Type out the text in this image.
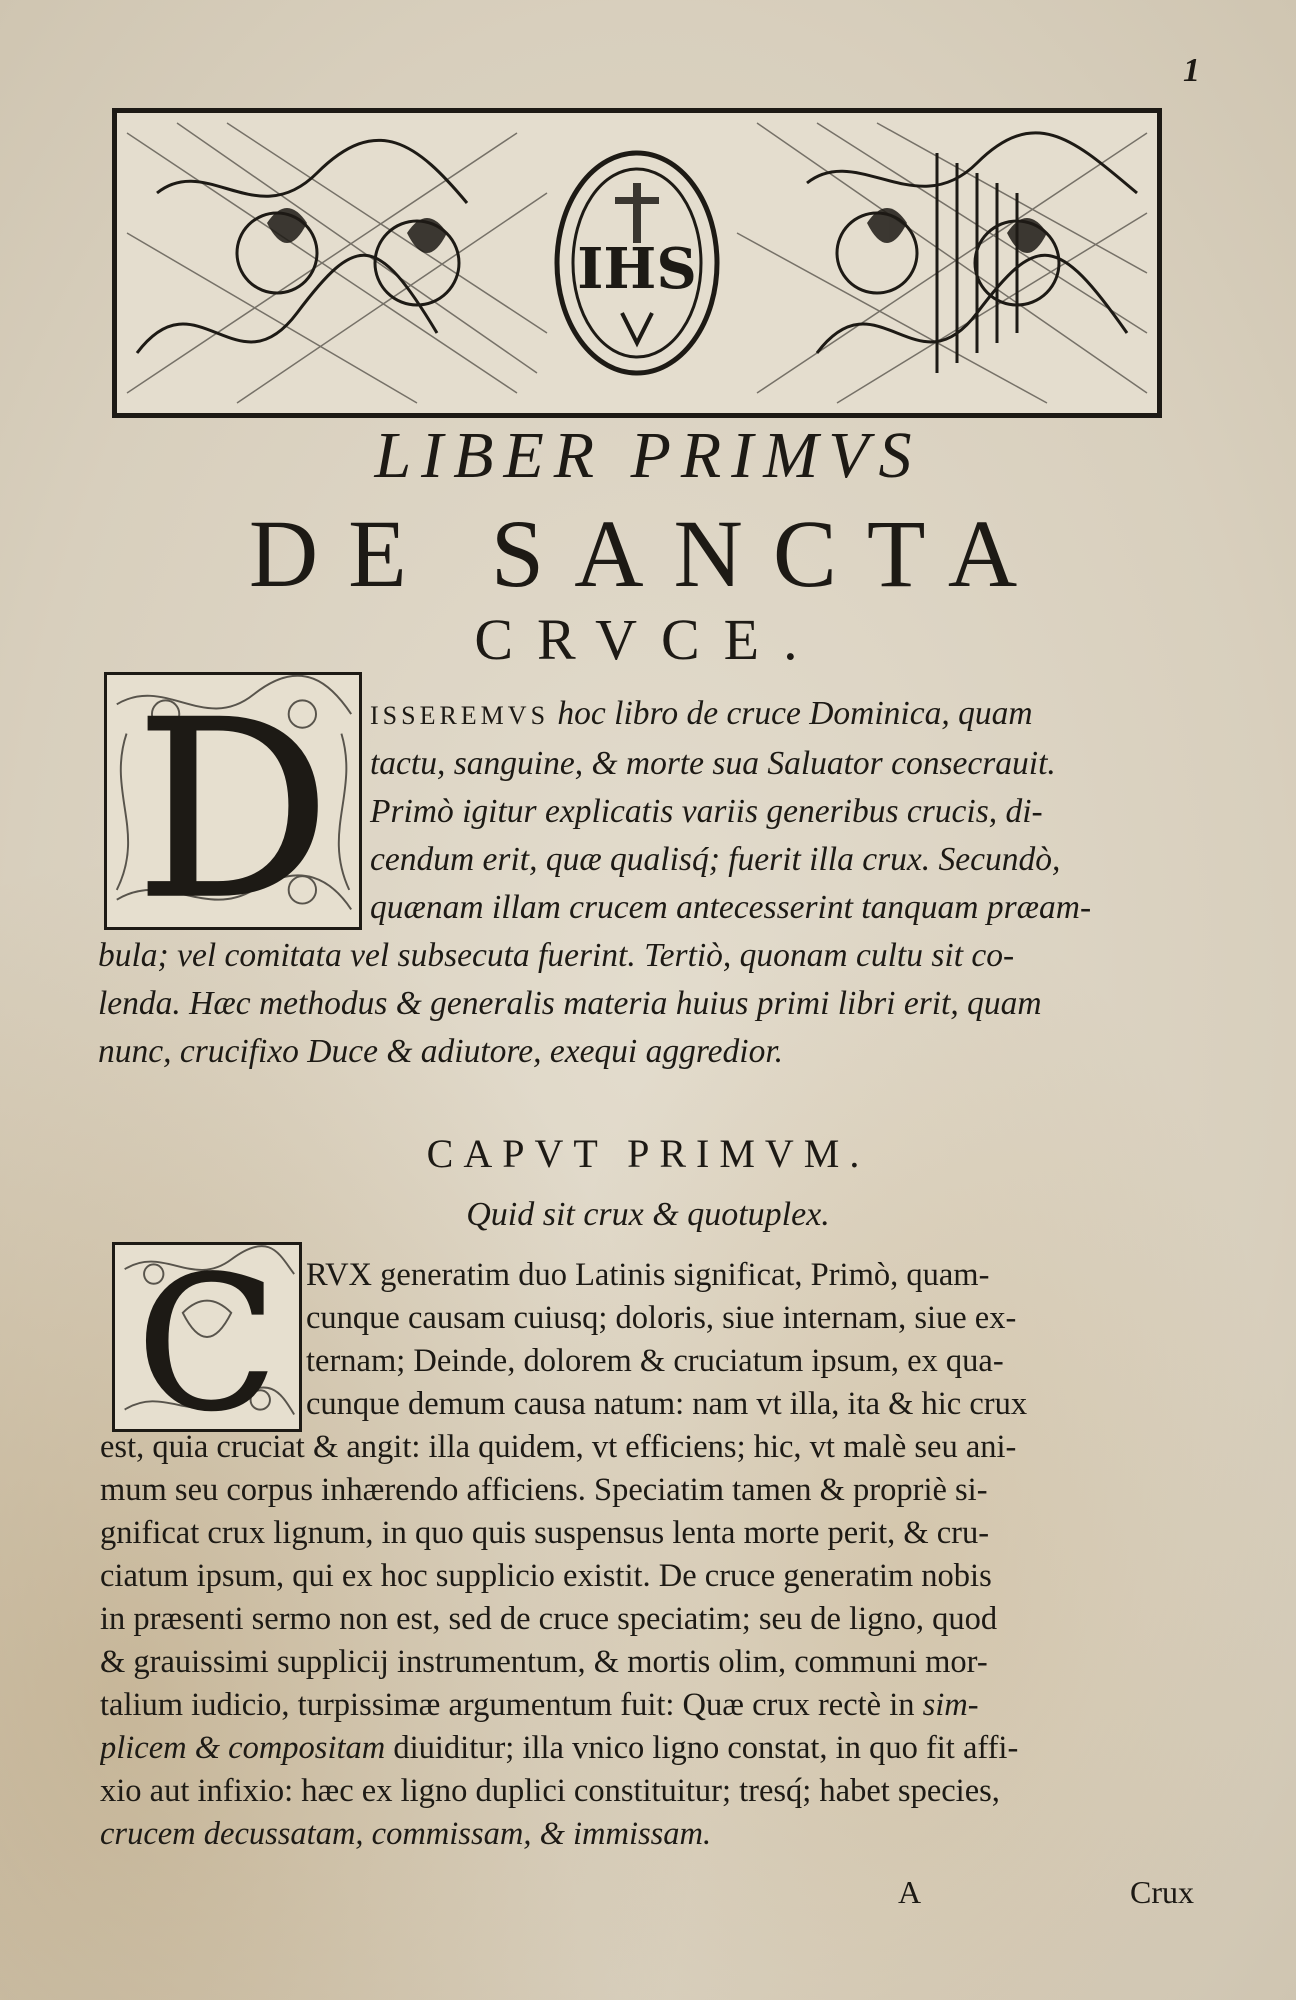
1
IHS
LIBER PRIMVS
DE SANCTA
CRVCE.
D	ISSEREMVS hoc libro de cruce Dominica, quam
tactu, sanguine, & morte sua Saluator consecrauit.
Primò igitur explicatis variis generibus crucis, di-
cendum erit, quæ qualisq́; fuerit illa crux. Secundò,
quænam illam crucem antecesserint tanquam præam-
bula; vel comitata vel subsecuta fuerint. Tertiò, quonam cultu sit co-
lenda. Hæc methodus & generalis materia huius primi libri erit, quam
nunc, crucifixo Duce & adiutore, exequi aggredior.
CAPVT PRIMVM.
Quid sit crux & quotuplex.
C RVX generatim duo Latinis significat, Primò, quam-
cunque causam cuiusq; doloris, siue internam, siue ex-
ternam; Deinde, dolorem & cruciatum ipsum, ex qua-
cunque demum causa natum: nam vt illa, ita & hic crux
est, quia cruciat & angit: illa quidem, vt efficiens; hic, vt malè seu ani-
mum seu corpus inhærendo afficiens. Speciatim tamen & propriè si-
gnificat crux lignum, in quo quis suspensus lenta morte perit, & cru-
ciatum ipsum, qui ex hoc supplicio existit. De cruce generatim nobis
in præsenti sermo non est, sed de cruce speciatim; seu de ligno, quod
& grauissimi supplicij instrumentum, & mortis olim, communi mor-
talium iudicio, turpissimæ argumentum fuit: Quæ crux rectè in sim-
plicem & compositam diuiditur; illa vnico ligno constat, in quo fit affi-
xio aut infixio: hæc ex ligno duplici constituitur; tresq́; habet species,
crucem decussatam, commissam, & immissam.
A	Crux
